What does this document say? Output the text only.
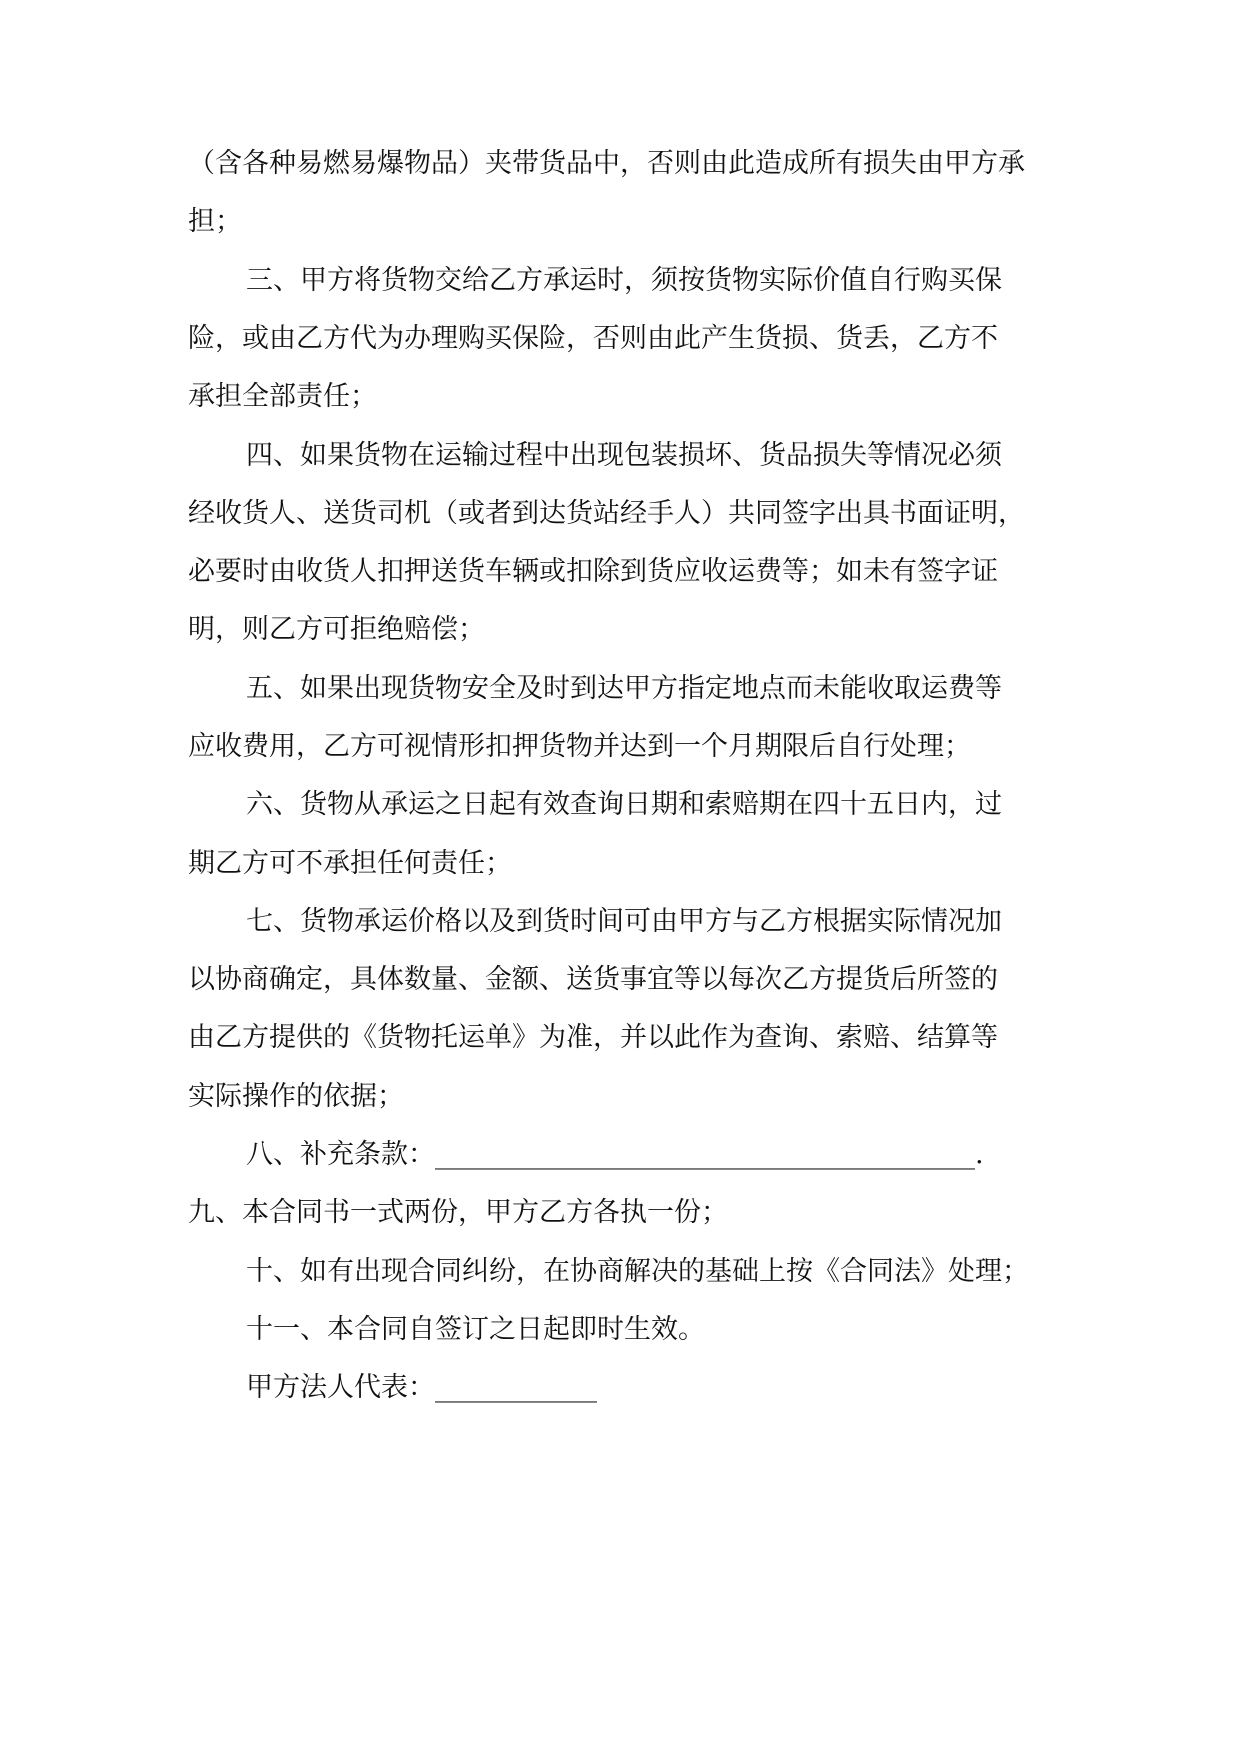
（含各种易燃易爆物品）夹带货品中，否则由此造成所有损失由甲方承
担；
三、甲方将货物交给乙方承运时，须按货物实际价值自行购买保
险，或由乙方代为办理购买保险，否则由此产生货损、货丢，乙方不
承担全部责任；
四、如果货物在运输过程中出现包装损坏、货品损失等情况必须
经收货人、送货司机（或者到达货站经手人）共同签字出具书面证明，
必要时由收货人扣押送货车辆或扣除到货应收运费等；如未有签字证
明，则乙方可拒绝赔偿；
五、如果出现货物安全及时到达甲方指定地点而未能收取运费等
应收费用，乙方可视情形扣押货物并达到一个月期限后自行处理；
六、货物从承运之日起有效查询日期和索赔期在四十五日内，过
期乙方可不承担任何责任；
七、货物承运价格以及到货时间可由甲方与乙方根据实际情况加
以协商确定，具体数量、金额、送货事宜等以每次乙方提货后所签的
由乙方提供的《货物托运单》为准，并以此作为查询、索赔、结算等
实际操作的依据；
八、补充条款：________________________________________.
九、本合同书一式两份，甲方乙方各执一份；
十、如有出现合同纠纷，在协商解决的基础上按《合同法》处理；
十一、本合同自签订之日起即时生效。
甲方法人代表：____________
